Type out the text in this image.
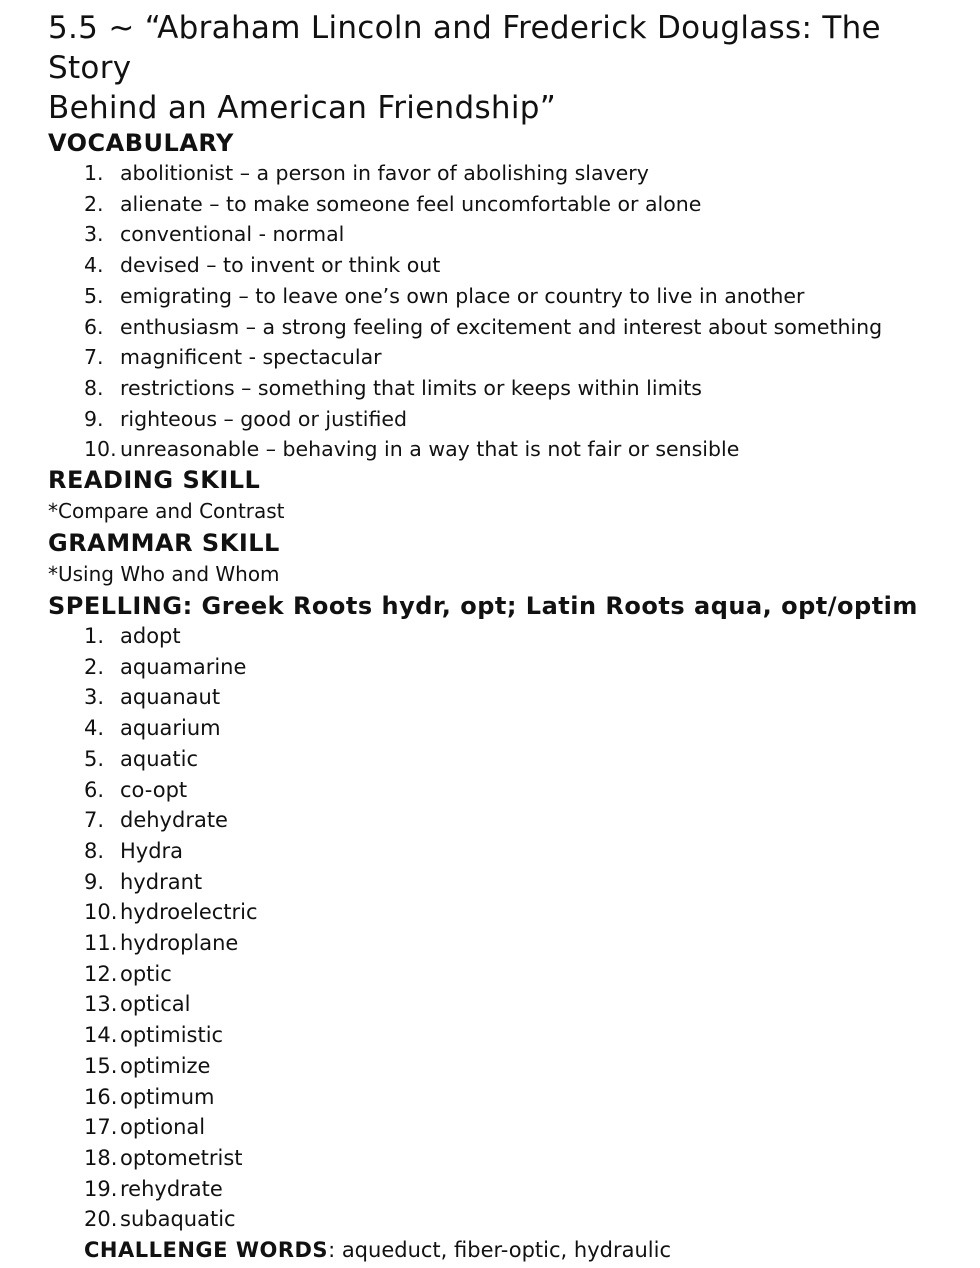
5.5 ~ “Abraham Lincoln and Frederick Douglass: The Story
Behind an American Friendship”
VOCABULARY
1. abolitionist – a person in favor of abolishing slavery
2. alienate – to make someone feel uncomfortable or alone
3. conventional - normal
4. devised – to invent or think out
5. emigrating – to leave one’s own place or country to live in another
6. enthusiasm – a strong feeling of excitement and interest about something
7. magnificent - spectacular
8. restrictions – something that limits or keeps within limits
9. righteous – good or justified
10. unreasonable – behaving in a way that is not fair or sensible
READING SKILL

*Compare and Contrast

GRAMMAR SKILL

*Using Who and Whom

SPELLING: Greek Roots hydr, opt; Latin Roots aqua, opt/optim
1. adopt
2. aquamarine
3. aquanaut
4. aquarium
5. aquatic
6. co-opt
7. dehydrate
8. Hydra
9. hydrant
10. hydroelectric
11. hydroplane
12. optic
13. optical
14. optimistic
15. optimize
16. optimum
17. optional
18. optometrist
19. rehydrate
20. subaquatic

CHALLENGE WORDS: aqueduct, fiber-optic, hydraulic
